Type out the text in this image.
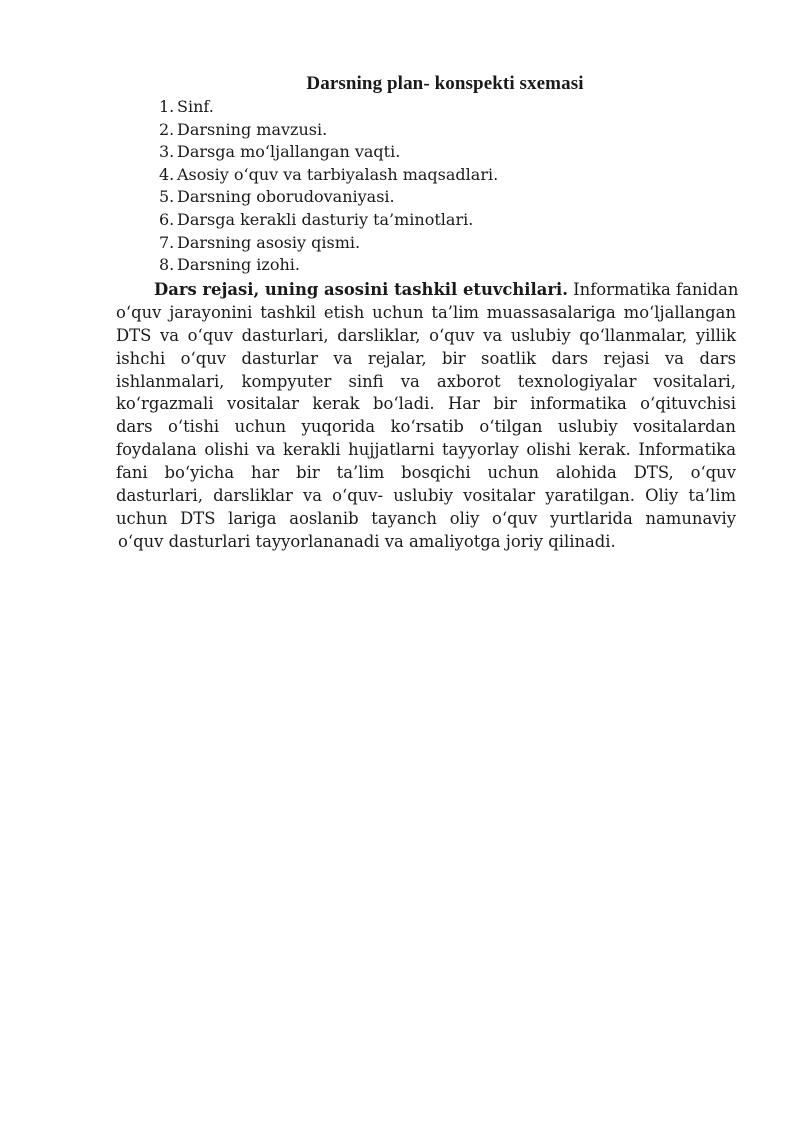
Darsning plan- konspekti sxemasi
1. Sinf.
2. Darsning mavzusi.
3. Darsga mo‘ljallangan vaqti.
4. Asosiy o‘quv va tarbiyalash maqsadlari.
5. Darsning oborudovaniyasi.
6. Darsga kerakli dasturiy ta’minotlari.
7. Darsning asosiy qismi.
8. Darsning izohi.
Dars rejasi, uning asosini tashkil etuvchilari. Informatika fanidan
o‘quv jarayonini tashkil etish uchun ta’lim muassasalariga mo‘ljallangan
DTS va o‘quv dasturlari, darsliklar, o‘quv va uslubiy qo‘llanmalar, yillik
ishchi o‘quv dasturlar va rejalar, bir soatlik dars rejasi va dars
ishlanmalari, kompyuter sinfi va axborot texnologiyalar vositalari,
ko‘rgazmali vositalar kerak bo‘ladi. Har bir informatika o‘qituvchisi
dars o‘tishi uchun yuqorida ko‘rsatib o‘tilgan uslubiy vositalardan
foydalana olishi va kerakli hujjatlarni tayyorlay olishi kerak. Informatika
fani bo‘yicha har bir ta’lim bosqichi uchun alohida DTS, o‘quv
dasturlari, darsliklar va o‘quv- uslubiy vositalar yaratilgan. Oliy ta’lim
uchun DTS lariga aoslanib tayanch oliy o‘quv yurtlarida namunaviy
o‘quv dasturlari tayyorlananadi va amaliyotga joriy qilinadi.
